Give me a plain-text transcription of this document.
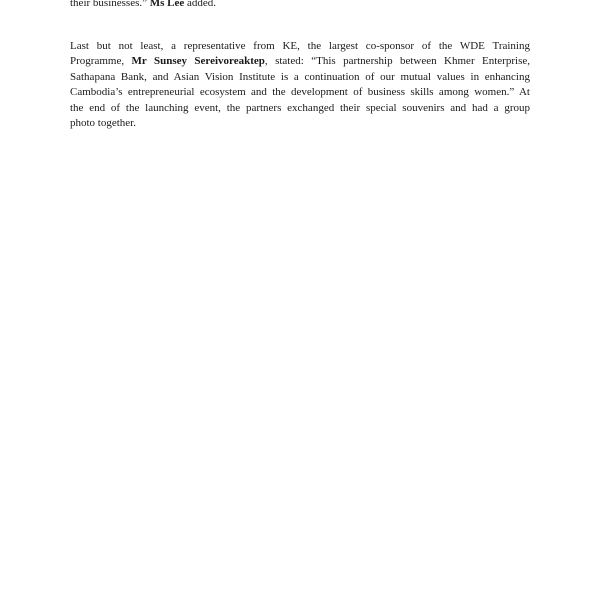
their businesses.” Ms Lee added.
Last but not least, a representative from KE, the largest co-sponsor of the WDE Training
Programme, Mr Sunsey Sereivoreaktep, stated: “This partnership between Khmer Enterprise,
Sathapana Bank, and Asian Vision Institute is a continuation of our mutual values in enhancing
Cambodia’s entrepreneurial ecosystem and the development of business skills among women.” At
the end of the launching event, the partners exchanged their special souvenirs and had a group
photo together.
